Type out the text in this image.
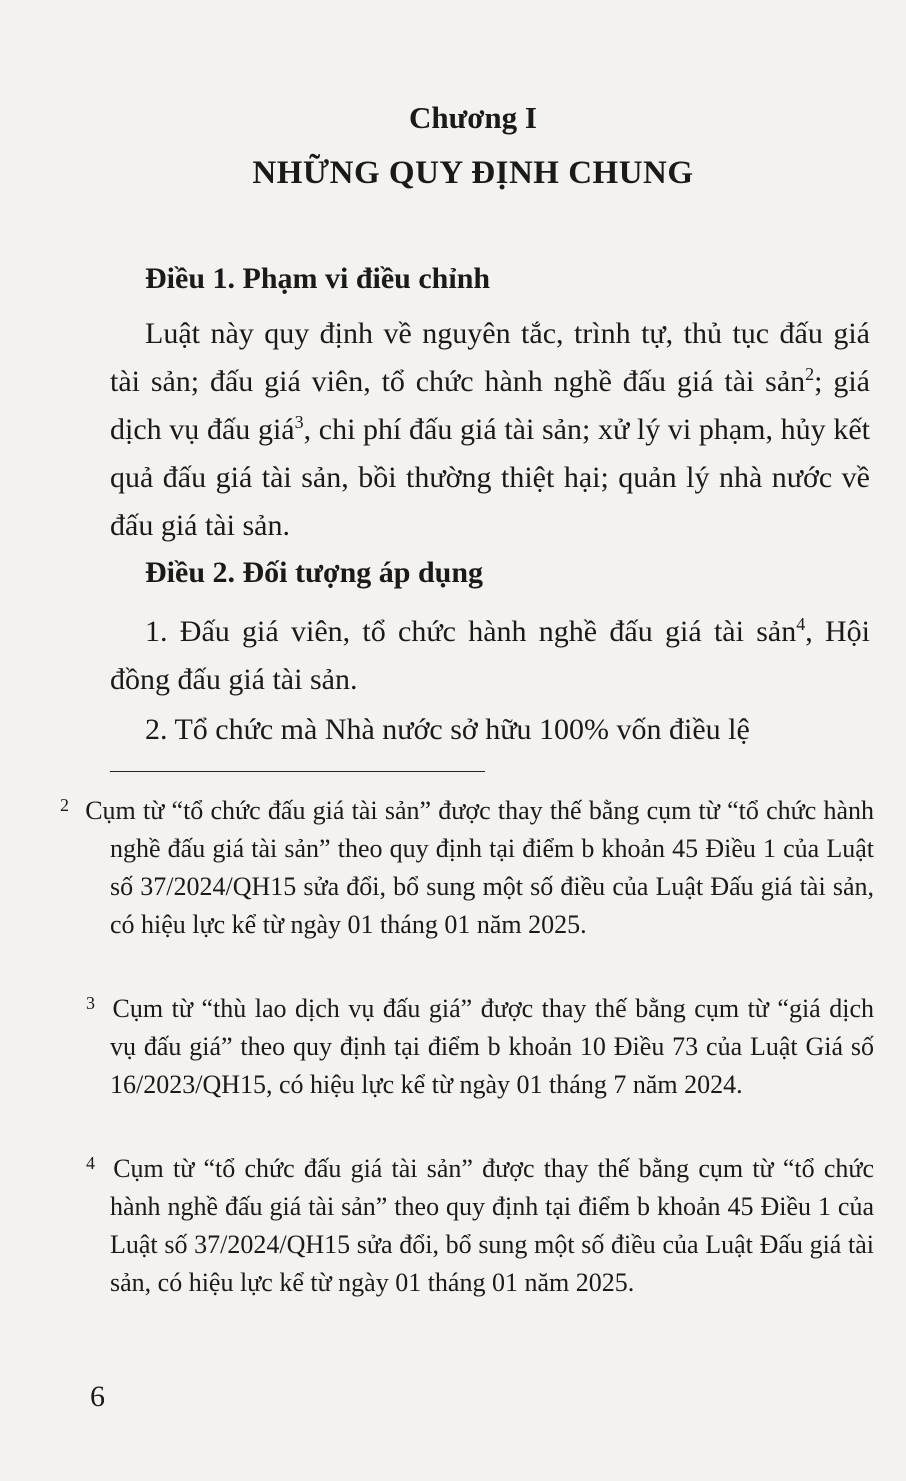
Chương I
NHỮNG QUY ĐỊNH CHUNG
Điều 1. Phạm vi điều chỉnh

Luật này quy định về nguyên tắc, trình tự, thủ tục đấu giá tài sản; đấu giá viên, tổ chức hành nghề đấu giá tài sản$^2$; giá dịch vụ đấu giá$^3$, chi phí đấu giá tài sản; xử lý vi phạm, hủy kết quả đấu giá tài sản, bồi thường thiệt hại; quản lý nhà nước về đấu giá tài sản.

Điều 2. Đối tượng áp dụng

1. Đấu giá viên, tổ chức hành nghề đấu giá tài sản$^4$, Hội đồng đấu giá tài sản.

2. Tổ chức mà Nhà nước sở hữu 100% vốn điều lệ

2 Cụm từ “tổ chức đấu giá tài sản” được thay thế bằng cụm từ “tổ chức hành nghề đấu giá tài sản” theo quy định tại điểm b khoản 45 Điều 1 của Luật số 37/2024/QH15 sửa đổi, bổ sung một số điều của Luật Đấu giá tài sản, có hiệu lực kể từ ngày 01 tháng 01 năm 2025.

3 Cụm từ “thù lao dịch vụ đấu giá” được thay thế bằng cụm từ “giá dịch vụ đấu giá” theo quy định tại điểm b khoản 10 Điều 73 của Luật Giá số 16/2023/QH15, có hiệu lực kể từ ngày 01 tháng 7 năm 2024.

4 Cụm từ “tổ chức đấu giá tài sản” được thay thế bằng cụm từ “tổ chức hành nghề đấu giá tài sản” theo quy định tại điểm b khoản 45 Điều 1 của Luật số 37/2024/QH15 sửa đổi, bổ sung một số điều của Luật Đấu giá tài sản, có hiệu lực kể từ ngày 01 tháng 01 năm 2025.

6
